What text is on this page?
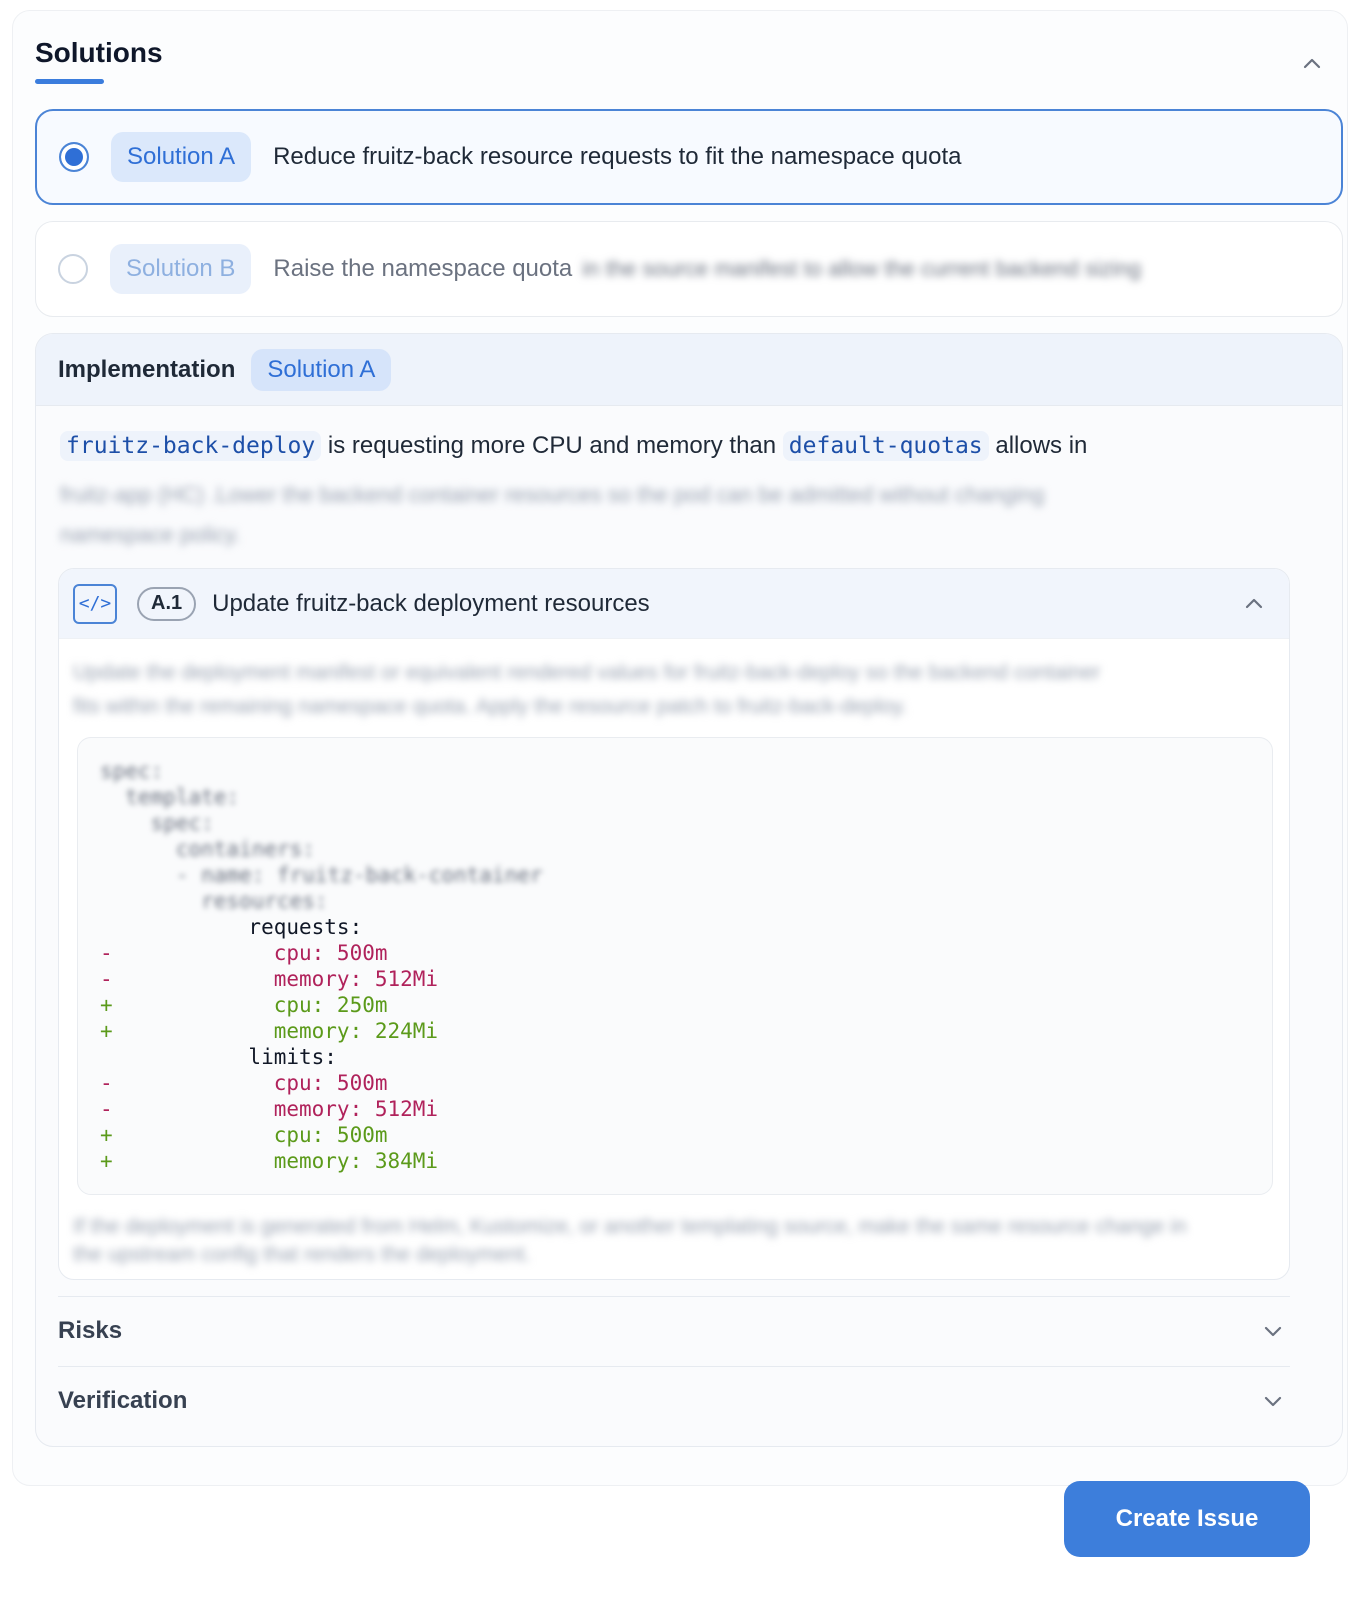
Solutions
Solution A	Reduce fruitz-back resource requests to fit the namespace quota
Solution B	Raise the namespace quota in the source manifest to allow the current backend sizing
Implementation	Solution A
fruitz-back-deploy is requesting more CPU and memory than default-quotas allows in
fruitz-app (HC) .Lower the backend container resources so the pod can be admitted without changing
namespace policy.
</>	A.1	Update fruitz-back deployment resources
Update the deployment manifest or equivalent rendered values for fruitz-back-deploy so the backend container
fits within the remaining namespace quota. Apply the resource patch to fruitz-back-deploy.
spec:
template:
spec:
containers:
- name: fruitz-back-container
resources:
requests:
-            cpu: 500m
-            memory: 512Mi
+            cpu: 250m
+            memory: 224Mi
limits:
-            cpu: 500m
-            memory: 512Mi
+            cpu: 500m
+            memory: 384Mi
If the deployment is generated from Helm, Kustomize, or another templating source, make the same resource change in
the upstream config that renders the deployment.
Risks
Verification
Create Issue
